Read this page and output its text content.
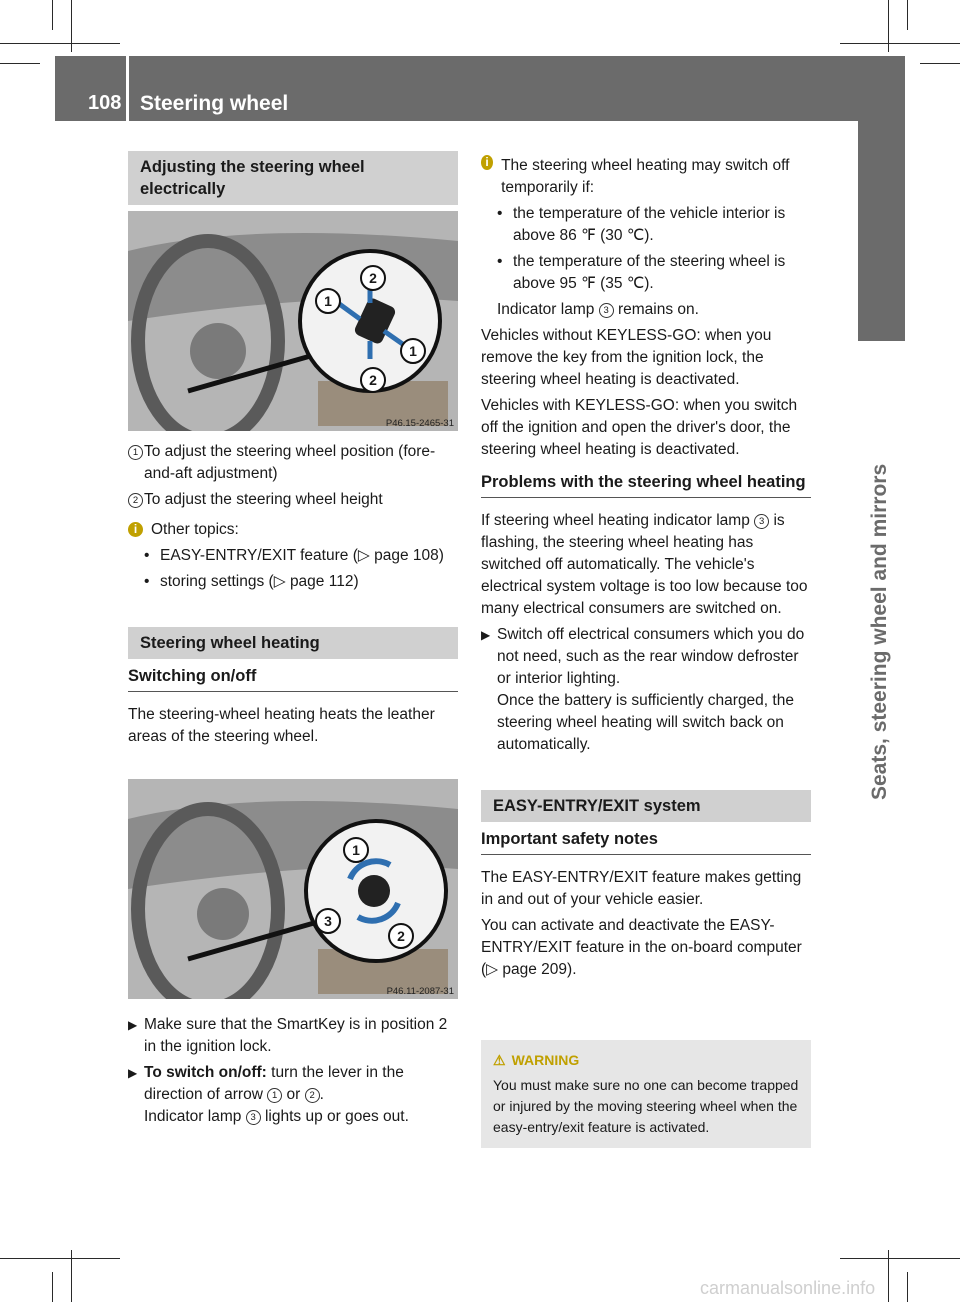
108 Steering wheel
Seats, steering wheel and mirrors
Adjusting the steering wheel electrically
1
2
1
2
P46.15-2465-31
1 To adjust the steering wheel position (fore-and-aft adjustment)
2 To adjust the steering wheel height
i Other topics:
• EASY-ENTRY/EXIT feature (▷ page 108)
• storing settings (▷ page 112)
Steering wheel heating
Switching on/off

The steering-wheel heating heats the leather areas of the steering wheel.

1
3
2
P46.11-2087-31
▶ Make sure that the SmartKey is in position 2 in the ignition lock.
▶ To switch on/off: turn the lever in the direction of arrow 1 or 2 .
Indicator lamp 3 lights up or goes out.
i The steering wheel heating may switch off temporarily if:
• the temperature of the vehicle interior is above 86 ℉ (30 ℃).
• the temperature of the steering wheel is above 95 ℉ (35 ℃).
Indicator lamp 3 remains on.

Vehicles without KEYLESS-GO: when you remove the key from the ignition lock, the steering wheel heating is deactivated.

Vehicles with KEYLESS-GO: when you switch off the ignition and open the driver's door, the steering wheel heating is deactivated.

Problems with the steering wheel heating

If steering wheel heating indicator lamp 3 is flashing, the steering wheel heating has switched off automatically. The vehicle's electrical system voltage is too low because too many electrical consumers are switched on.

▶ Switch off electrical consumers which you do not need, such as the rear window defroster or interior lighting.
Once the battery is sufficiently charged, the steering wheel heating will switch back on automatically.
EASY-ENTRY/EXIT system
Important safety notes

The EASY-ENTRY/EXIT feature makes getting in and out of your vehicle easier.

You can activate and deactivate the EASY-ENTRY/EXIT feature in the on-board computer (▷ page 209).

⚠ WARNING
You must make sure no one can become trapped or injured by the moving steering wheel when the easy-entry/exit feature is activated.
carmanualsonline.info
